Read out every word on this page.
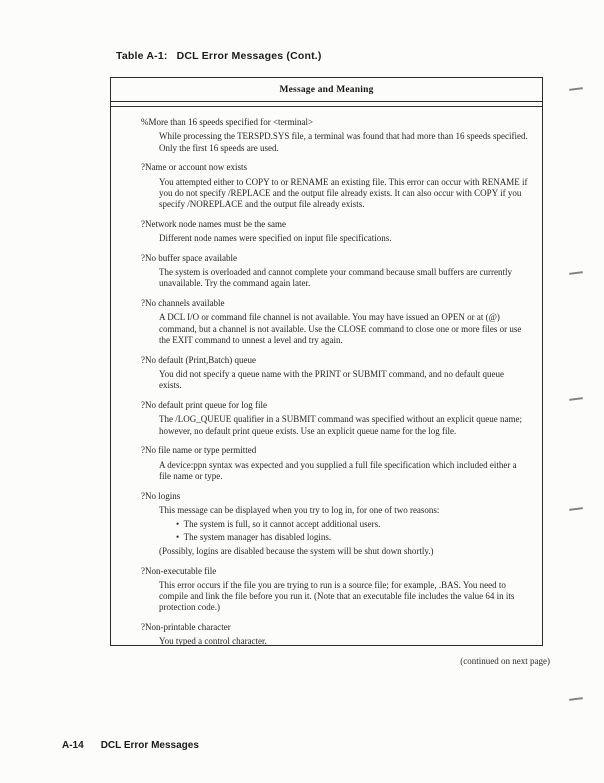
Table A-1: DCL Error Messages (Cont.)
Message and Meaning
%More than 16 speeds specified for <terminal>
While processing the TERSPD.SYS file, a terminal was found that had more than 16 speeds specified. Only the first 16 speeds are used.
?Name or account now exists
You attempted either to COPY to or RENAME an existing file. This error can occur with RENAME if you do not specify /REPLACE and the output file already exists. It can also occur with COPY if you specify /NOREPLACE and the output file already exists.
?Network node names must be the same
Different node names were specified on input file specifications.
?No buffer space available
The system is overloaded and cannot complete your command because small buffers are currently unavailable. Try the command again later.
?No channels available
A DCL I/O or command file channel is not available. You may have issued an OPEN or at (@) command, but a channel is not available. Use the CLOSE command to close one or more files or use the EXIT command to unnest a level and try again.
?No default (Print,Batch) queue
You did not specify a queue name with the PRINT or SUBMIT command, and no default queue exists.
?No default print queue for log file
The /LOG_QUEUE qualifier in a SUBMIT command was specified without an explicit queue name; however, no default print queue exists. Use an explicit queue name for the log file.
?No file name or type permitted
A device:ppn syntax was expected and you supplied a full file specification which included either a file name or type.
?No logins
This message can be displayed when you try to log in, for one of two reasons:
• The system is full, so it cannot accept additional users.
• The system manager has disabled logins.
(Possibly, logins are disabled because the system will be shut down shortly.)
?Non-executable file
This error occurs if the file you are trying to run is a source file; for example, .BAS. You need to compile and link the file before you run it. (Note that an executable file includes the value 64 in its protection code.)
?Non-printable character
You typed a control character.
(continued on next page)
A-14 DCL Error Messages
